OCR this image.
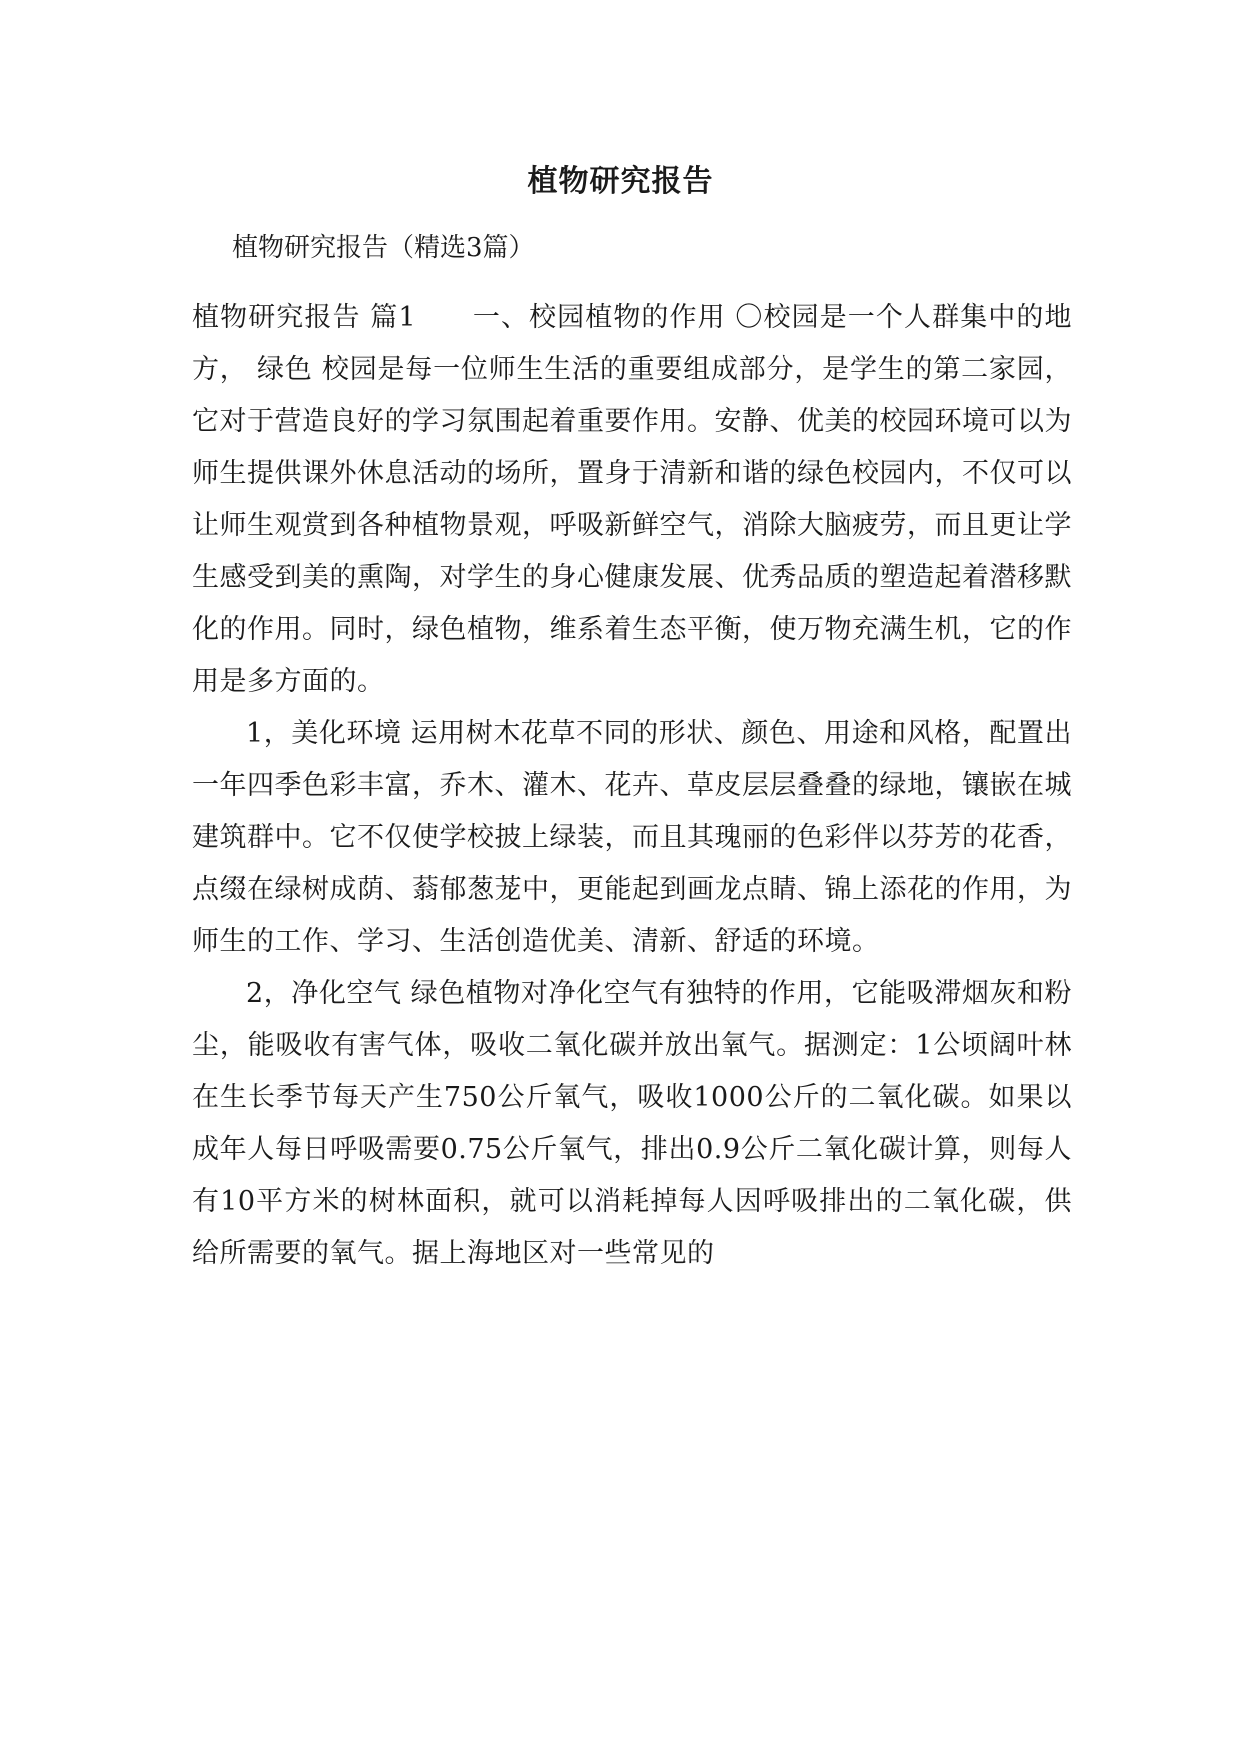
植物研究报告

植物研究报告（精选3篇）

植物研究报告 篇1　　一、校园植物的作用 〇校园是一个人群集中的地方， 绿色 校园是每一位师生生活的重要组成部分，是学生的第二家园，它对于营造良好的学习氛围起着重要作用。安静、优美的校园环境可以为师生提供课外休息活动的场所，置身于清新和谐的绿色校园内，不仅可以让师生观赏到各种植物景观，呼吸新鲜空气，消除大脑疲劳，而且更让学生感受到美的熏陶，对学生的身心健康发展、优秀品质的塑造起着潜移默化的作用。同时，绿色植物，维系着生态平衡，使万物充满生机，它的作用是多方面的。

1，美化环境 运用树木花草不同的形状、颜色、用途和风格，配置出一年四季色彩丰富，乔木、灌木、花卉、草皮层层叠叠的绿地，镶嵌在城建筑群中。它不仅使学校披上绿装，而且其瑰丽的色彩伴以芬芳的花香，点缀在绿树成荫、蓊郁葱茏中，更能起到画龙点睛、锦上添花的作用，为师生的工作、学习、生活创造优美、清新、舒适的环境。

2，净化空气 绿色植物对净化空气有独特的作用，它能吸滞烟灰和粉尘，能吸收有害气体，吸收二氧化碳并放出氧气。据测定：1公顷阔叶林在生长季节每天产生750公斤氧气，吸收1000公斤的二氧化碳。如果以成年人每日呼吸需要0.75公斤氧气，排出0.9公斤二氧化碳计算，则每人有10平方米的树林面积，就可以消耗掉每人因呼吸排出的二氧化碳，供给所需要的氧气。据上海地区对一些常见的
